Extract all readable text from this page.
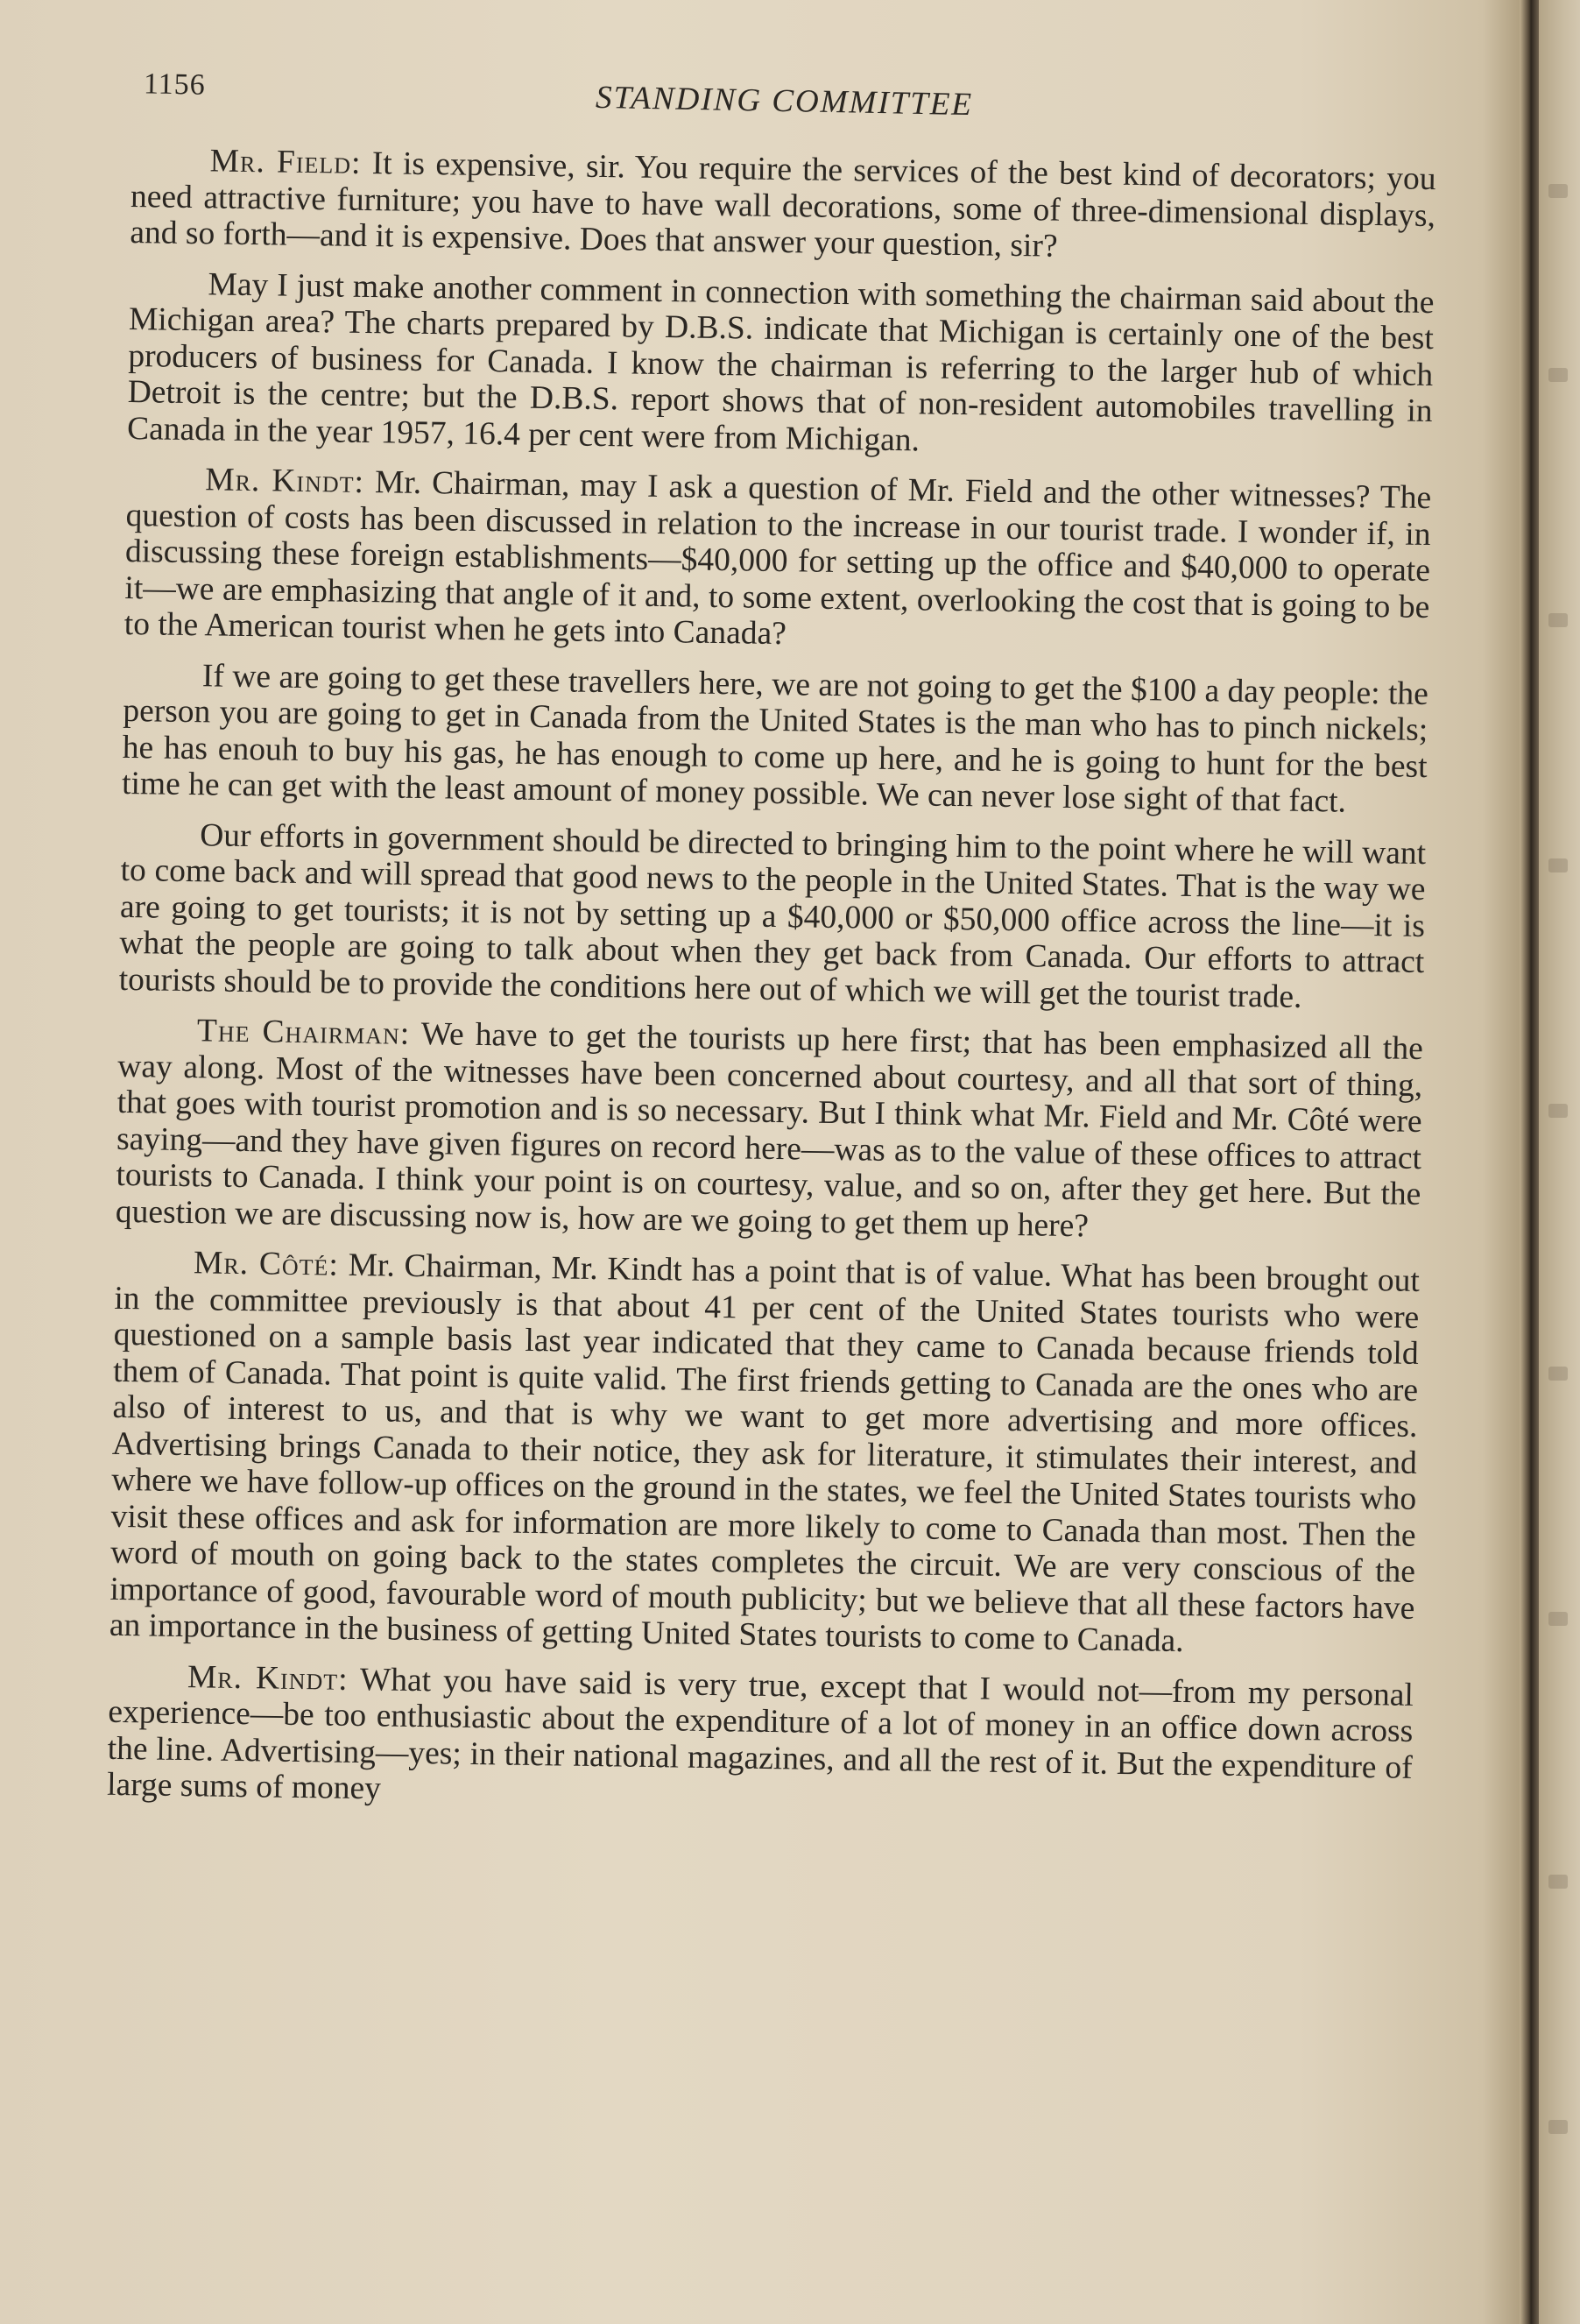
1156	STANDING COMMITTEE

Mr. Field: It is expensive, sir. You require the services of the best kind of decorators; you need attractive furniture; you have to have wall decorations, some of three-dimensional displays, and so forth—and it is expensive. Does that answer your question, sir?

May I just make another comment in connection with something the chairman said about the Michigan area? The charts prepared by D.B.S. indicate that Michigan is certainly one of the best producers of business for Canada. I know the chairman is referring to the larger hub of which Detroit is the centre; but the D.B.S. report shows that of non-resident automobiles travelling in Canada in the year 1957, 16.4 per cent were from Michigan.

Mr. Kindt: Mr. Chairman, may I ask a question of Mr. Field and the other witnesses? The question of costs has been discussed in relation to the increase in our tourist trade. I wonder if, in discussing these foreign establishments—$40,000 for setting up the office and $40,000 to operate it—we are emphasizing that angle of it and, to some extent, overlooking the cost that is going to be to the American tourist when he gets into Canada?

If we are going to get these travellers here, we are not going to get the $100 a day people: the person you are going to get in Canada from the United States is the man who has to pinch nickels; he has enouh to buy his gas, he has enough to come up here, and he is going to hunt for the best time he can get with the least amount of money possible. We can never lose sight of that fact.

Our efforts in government should be directed to bringing him to the point where he will want to come back and will spread that good news to the people in the United States. That is the way we are going to get tourists; it is not by setting up a $40,000 or $50,000 office across the line—it is what the people are going to talk about when they get back from Canada. Our efforts to attract tourists should be to provide the conditions here out of which we will get the tourist trade.

The Chairman: We have to get the tourists up here first; that has been emphasized all the way along. Most of the witnesses have been concerned about courtesy, and all that sort of thing, that goes with tourist promotion and is so necessary. But I think what Mr. Field and Mr. Côté were saying—and they have given figures on record here—was as to the value of these offices to attract tourists to Canada. I think your point is on courtesy, value, and so on, after they get here. But the question we are discussing now is, how are we going to get them up here?

Mr. Côté: Mr. Chairman, Mr. Kindt has a point that is of value. What has been brought out in the committee previously is that about 41 per cent of the United States tourists who were questioned on a sample basis last year indicated that they came to Canada because friends told them of Canada. That point is quite valid. The first friends getting to Canada are the ones who are also of interest to us, and that is why we want to get more advertising and more offices. Advertising brings Canada to their notice, they ask for literature, it stimulates their interest, and where we have follow-up offices on the ground in the states, we feel the United States tourists who visit these offices and ask for information are more likely to come to Canada than most. Then the word of mouth on going back to the states completes the circuit. We are very conscious of the importance of good, favourable word of mouth publicity; but we believe that all these factors have an importance in the business of getting United States tourists to come to Canada.

Mr. Kindt: What you have said is very true, except that I would not—from my personal experience—be too enthusiastic about the expenditure of a lot of money in an office down across the line. Advertising—yes; in their national magazines, and all the rest of it. But the expenditure of large sums of money
